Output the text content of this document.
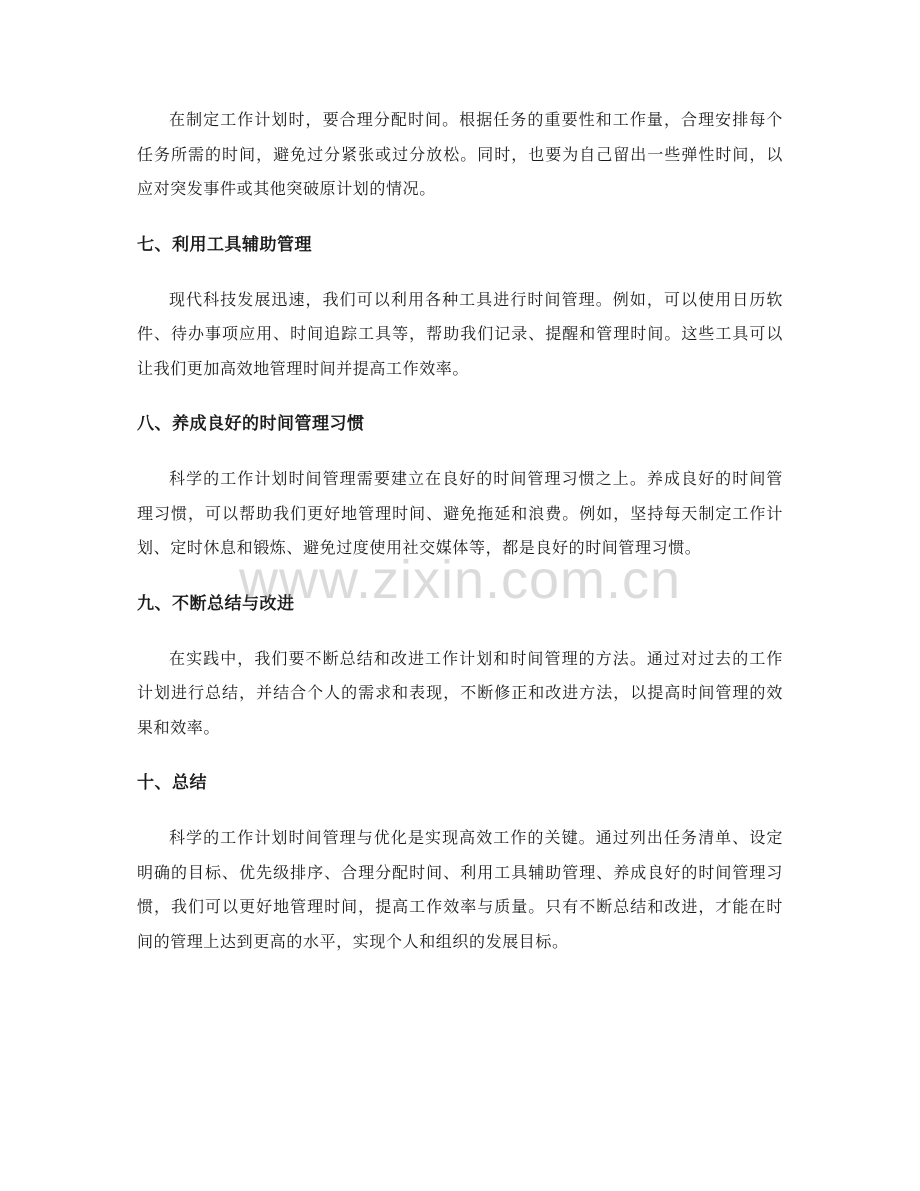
在制定工作计划时，要合理分配时间。根据任务的重要性和工作量，合理安排每个任务所需的时间，避免过分紧张或过分放松。同时，也要为自己留出一些弹性时间，以应对突发事件或其他突破原计划的情况。

七、利用工具辅助管理

现代科技发展迅速，我们可以利用各种工具进行时间管理。例如，可以使用日历软件、待办事项应用、时间追踪工具等，帮助我们记录、提醒和管理时间。这些工具可以让我们更加高效地管理时间并提高工作效率。

八、养成良好的时间管理习惯

科学的工作计划时间管理需要建立在良好的时间管理习惯之上。养成良好的时间管理习惯，可以帮助我们更好地管理时间、避免拖延和浪费。例如，坚持每天制定工作计划、定时休息和锻炼、避免过度使用社交媒体等，都是良好的时间管理习惯。

九、不断总结与改进

在实践中，我们要不断总结和改进工作计划和时间管理的方法。通过对过去的工作计划进行总结，并结合个人的需求和表现，不断修正和改进方法，以提高时间管理的效果和效率。

十、总结

科学的工作计划时间管理与优化是实现高效工作的关键。通过列出任务清单、设定明确的目标、优先级排序、合理分配时间、利用工具辅助管理、养成良好的时间管理习惯，我们可以更好地管理时间，提高工作效率与质量。只有不断总结和改进，才能在时间的管理上达到更高的水平，实现个人和组织的发展目标。

www.zixin.com.cn
